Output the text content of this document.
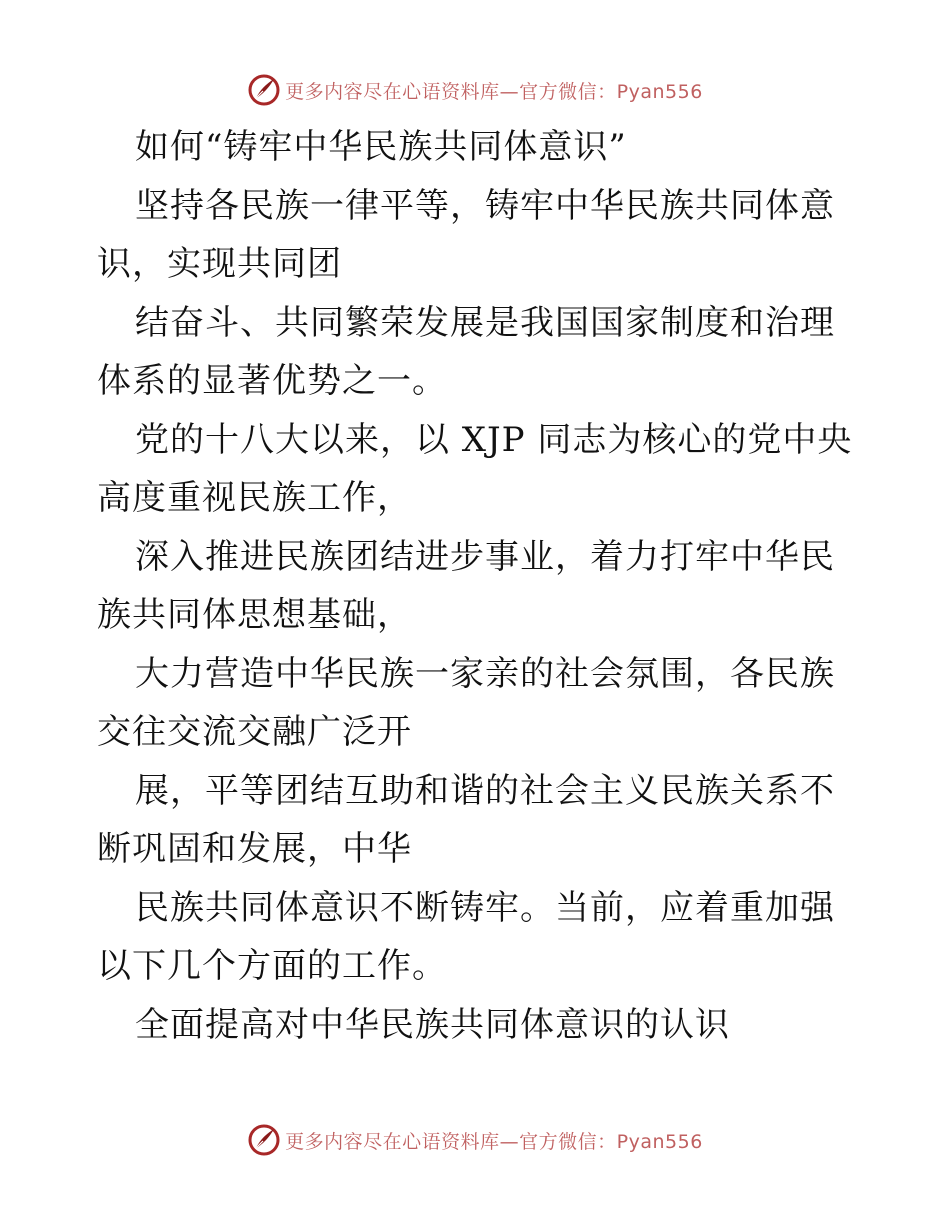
更多内容尽在心语资料库—官方微信：Pyan556

如何“铸牢中华民族共同体意识”

坚持各民族一律平等，铸牢中华民族共同体意识，实现共同团

结奋斗、共同繁荣发展是我国国家制度和治理体系的显著优势之一。

党的十八大以来，以 XJP 同志为核心的党中央高度重视民族工作，

深入推进民族团结进步事业，着力打牢中华民族共同体思想基础，

大力营造中华民族一家亲的社会氛围，各民族交往交流交融广泛开

展，平等团结互助和谐的社会主义民族关系不断巩固和发展，中华

民族共同体意识不断铸牢。当前，应着重加强以下几个方面的工作。

全面提高对中华民族共同体意识的认识

更多内容尽在心语资料库—官方微信：Pyan556
